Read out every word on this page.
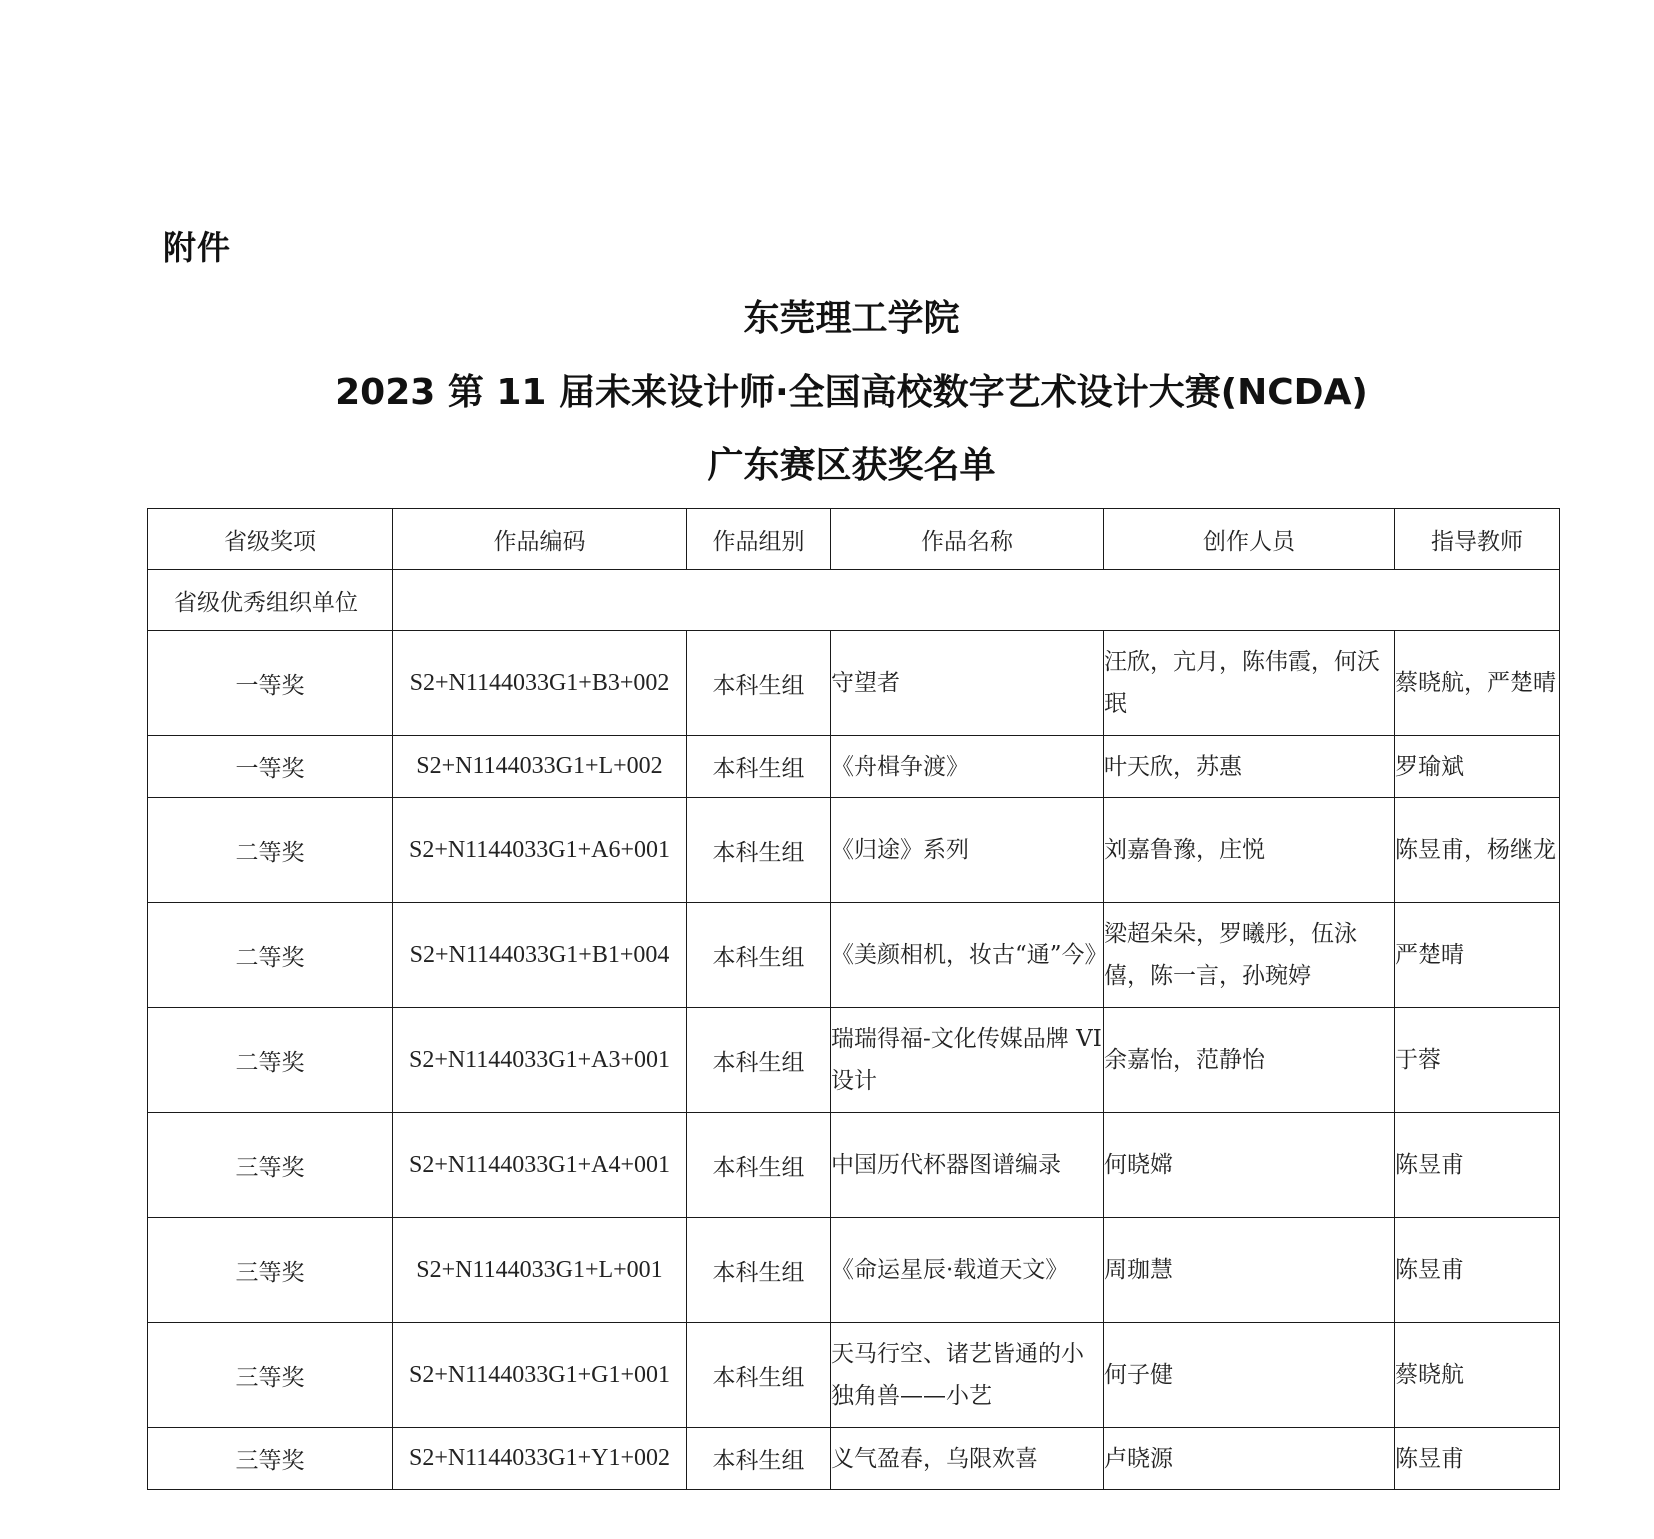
附件
东莞理工学院
2023 第 11 届未来设计师·全国高校数字艺术设计大赛(NCDA)
广东赛区获奖名单
省级奖项	作品编码	作品组别	作品名称	创作人员	指导教师
省级优秀组织单位					
一等奖	S2+N1144033G1+B3+002	本科生组	守望者	汪欣，亢月，陈伟霞，何沃珉	蔡晓航，严楚晴
一等奖	S2+N1144033G1+L+002	本科生组	《舟楫争渡》	叶天欣，苏惠	罗瑜斌
二等奖	S2+N1144033G1+A6+001	本科生组	《归途》系列	刘嘉鲁豫，庄悦	陈昱甫，杨继龙
二等奖	S2+N1144033G1+B1+004	本科生组	《美颜相机，妆古“通”今》	梁超朵朵，罗曦彤，伍泳僖，陈一言，孙琬婷	严楚晴
二等奖	S2+N1144033G1+A3+001	本科生组	瑞瑞得福-文化传媒品牌 VI 设计	余嘉怡，范静怡	于蓉
三等奖	S2+N1144033G1+A4+001	本科生组	中国历代杯器图谱编录	何晓嫦	陈昱甫
三等奖	S2+N1144033G1+L+001	本科生组	《命运星辰·载道天文》	周珈慧	陈昱甫
三等奖	S2+N1144033G1+G1+001	本科生组	天马行空、诸艺皆通的小独角兽——小艺	何子健	蔡晓航
三等奖	S2+N1144033G1+Y1+002	本科生组	义气盈春，乌限欢喜	卢晓源	陈昱甫
